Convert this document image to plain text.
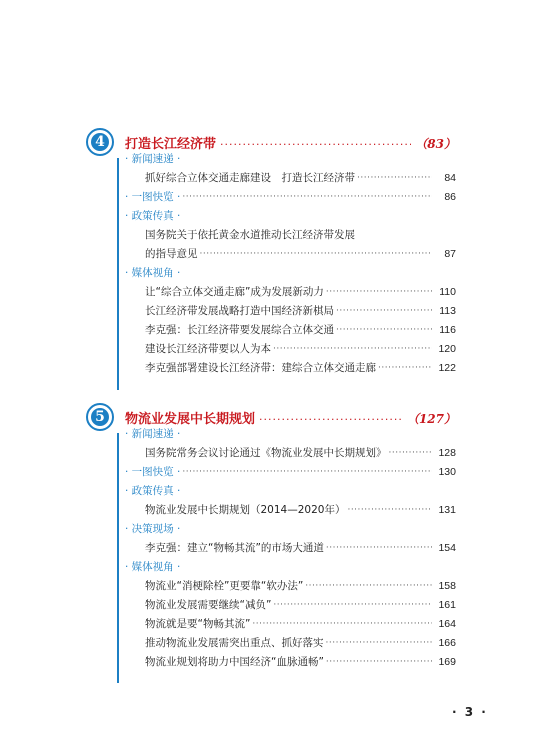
4	打造长江经济带 ·····	（83）
· 新闻速递 ·
抓好综合立体交通走廊建设　打造长江经济带 ·····	84
· 一图快览 · ·····	86
· 政策传真 ·
国务院关于依托黄金水道推动长江经济带发展
的指导意见 ·····	87
· 媒体视角 ·
让“综合立体交通走廊”成为发展新动力 ·····	110
长江经济带发展战略打造中国经济新棋局 ·····	113
李克强：长江经济带要发展综合立体交通 ·····	116
建设长江经济带要以人为本 ·····	120
李克强部署建设长江经济带：建综合立体交通走廊 ·····	122
5	物流业发展中长期规划 ·····	（127）
· 新闻速递 ·
国务院常务会议讨论通过《物流业发展中长期规划》 ·····	128
· 一图快览 · ·····	130
· 政策传真 ·
物流业发展中长期规划（2014—2020年） ·····	131
· 决策现场 ·
李克强：建立“物畅其流”的市场大通道 ·····	154
· 媒体视角 ·
物流业“消梗除栓”更要靠“软办法” ·····	158
物流业发展需要继续“减负” ·····	161
物流就是要“物畅其流” ·····	164
推动物流业发展需突出重点、抓好落实 ·····	166
物流业规划将助力中国经济“血脉通畅” ·····	169
· 3 ·
